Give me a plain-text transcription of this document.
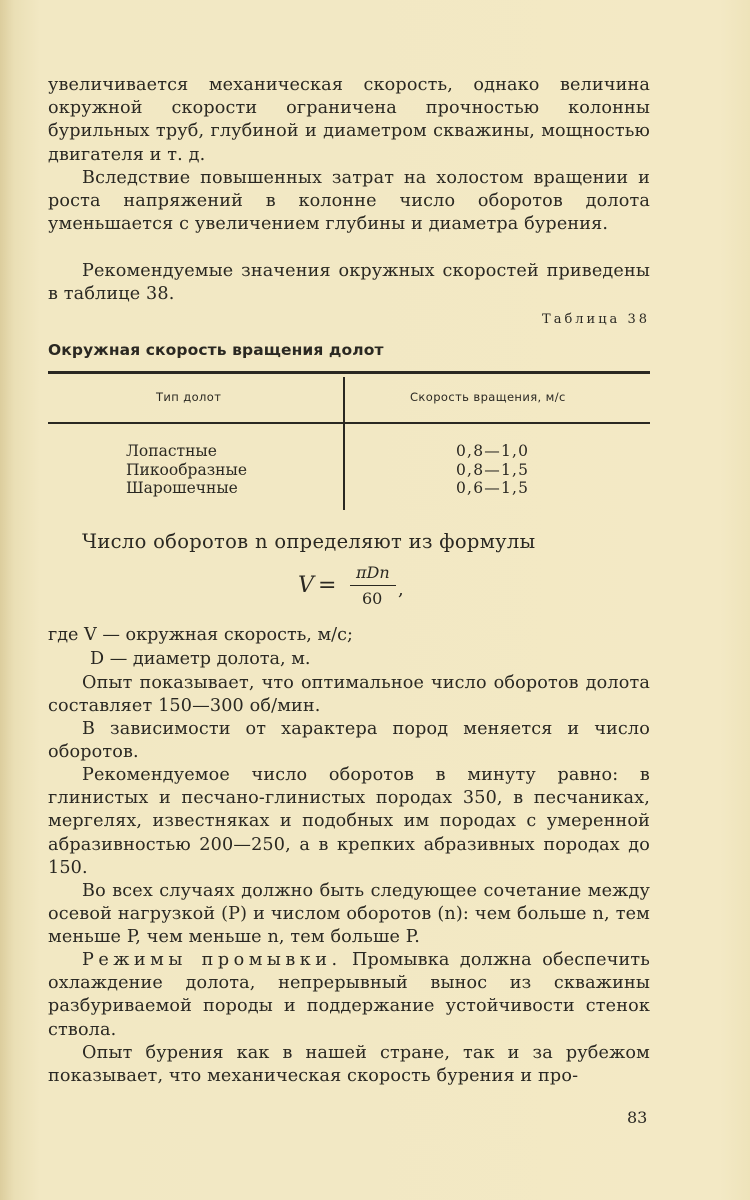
увеличивается механическая скорость, однако величина окружной скорости ограничена прочностью колонны бурильных труб, глубиной и диаметром скважины, мощностью двигателя и т. д.

Вследствие повышенных затрат на холостом вращении и роста напряжений в колонне число оборотов долота уменьшается с увеличением глубины и диаметра бурения.

Рекомендуемые значения окружных скоростей приведены в таблице 38.

Таблица 38
Окружная скорость вращения долот
Тип долот	Скорость вращения, м/с
Лопастные
Пикообразные
Шарошечные
0,8—1,0
0,8—1,5
0,6—1,5
Число оборотов n определяют из формулы
V =
πDn
60 ,
где V — окружная скорость, м/с;
D — диаметр долота, м.

Опыт показывает, что оптимальное число оборотов долота составляет 150—300 об/мин.

В зависимости от характера пород меняется и число оборотов.

Рекомендуемое число оборотов в минуту равно: в глинистых и песчано-глинистых породах 350, в песчаниках, мергелях, известняках и подобных им породах с умеренной абразивностью 200—250, а в крепких абразивных породах до 150.

Во всех случаях должно быть следующее сочетание между осевой нагрузкой (P) и числом оборотов (n): чем больше n, тем меньше P, чем меньше n, тем больше P.

Режимы промывки. Промывка должна обеспечить охлаждение долота, непрерывный вынос из скважины разбуриваемой породы и поддержание устойчивости стенок ствола.

Опыт бурения как в нашей стране, так и за рубежом показывает, что механическая скорость бурения и про-

83
